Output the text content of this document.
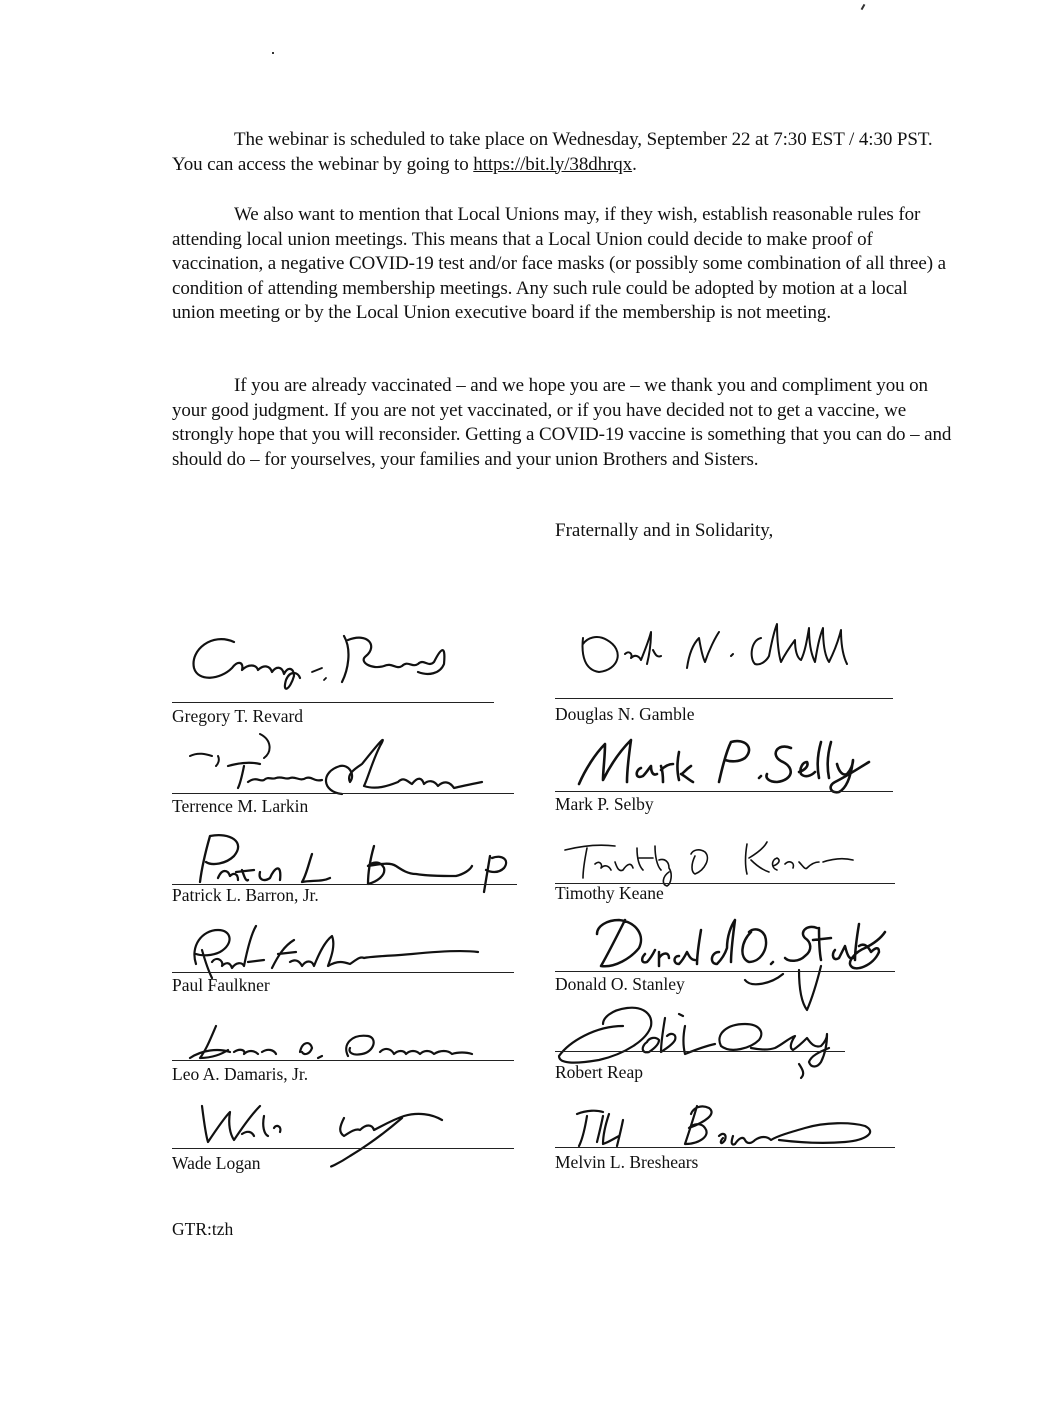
The webinar is scheduled to take place on Wednesday, September 22 at 7:30 EST / 4:30 PST. You can access the webinar by going to https://bit.ly/38dhrqx.

We also want to mention that Local Unions may, if they wish, establish reasonable rules for attending local union meetings. This means that a Local Union could decide to make proof of vaccination, a negative COVID-19 test and/or face masks (or possibly some combination of all three) a condition of attending membership meetings. Any such rule could be adopted by motion at a local union meeting or by the Local Union executive board if the membership is not meeting.

If you are already vaccinated – and we hope you are – we thank you and compliment you on your good judgment. If you are not yet vaccinated, or if you have decided not to get a vaccine, we strongly hope that you will reconsider. Getting a COVID-19 vaccine is something that you can do – and should do – for yourselves, your families and your union Brothers and Sisters.

Fraternally and in Solidarity,
Gregory T. Revard
Terrence M. Larkin
Patrick L. Barron, Jr.
Paul Faulkner
Leo A. Damaris, Jr.
Wade Logan
Douglas N. Gamble
Mark P. Selby
Timothy Keane
Donald O. Stanley
Robert Reap
Melvin L. Breshears
GTR:tzh
